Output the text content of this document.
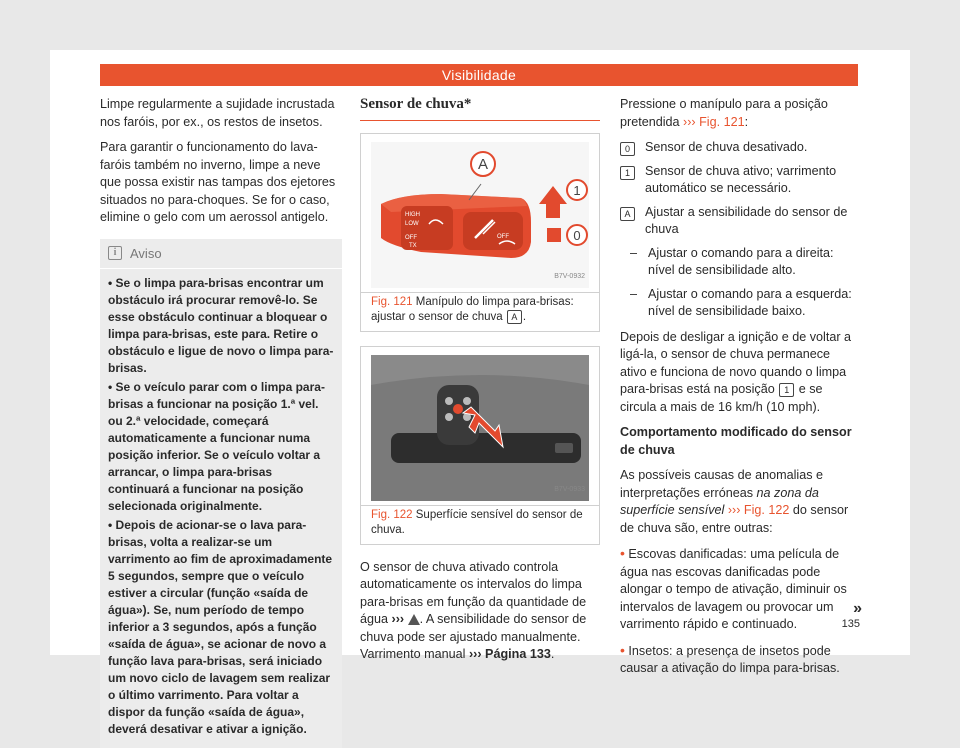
Visibilidade

Limpe regularmente a sujidade incrustada nos faróis, por ex., os restos de insetos.

Para garantir o funcionamento do lava-faróis também no inverno, limpe a neve que possa existir nas tampas dos ejetores situados no para-choques. Se for o caso, elimine o gelo com um aerossol antigelo.

i	Aviso

• Se o limpa para-brisas encontrar um obstáculo irá procurar removê-lo. Se esse obstáculo continuar a bloquear o limpa para-brisas, este para. Retire o obstáculo e ligue de novo o limpa para-brisas.

• Se o veículo parar com o limpa para-brisas a funcionar na posição 1.ª vel. ou 2.ª velocidade, começará automaticamente a funcionar numa posição inferior. Se o veículo voltar a arrancar, o limpa para-brisas continuará a funcionar na posição selecionada originalmente.

• Depois de acionar-se o lava para-brisas, volta a realizar-se um varrimento ao fim de aproximadamente 5 segundos, sempre que o veículo estiver a circular (função «saída de água»). Se, num período de tempo inferior a 3 segundos, após a função «saída de água», se acionar de novo a função lava para-brisas, será iniciado um novo ciclo de lavagem sem realizar o último varrimento. Para voltar a dispor da função «saída de água», deverá desativar e ativar a ignição.

Sensor de chuva*
HIGH
LOW
OFF
TX
OFF
A
1
0
B7V-0932
Fig. 121 Manípulo do limpa para-brisas: ajustar o sensor de chuva A .
B7V-0933
Fig. 122 Superfície sensível do sensor de chuva.

O sensor de chuva ativado controla automaticamente os intervalos do limpa para-brisas em função da quantidade de água ››› . A sensibilidade do sensor de chuva pode ser ajustado manualmente. Varrimento manual ››› Página 133.

Pressione o manípulo para a posição pretendida ››› Fig. 121:

0	Sensor de chuva desativado.
1	Sensor de chuva ativo; varrimento automático se necessário.
A	Ajustar a sensibilidade do sensor de chuva
– Ajustar o comando para a direita: nível de sensibilidade alto.
– Ajustar o comando para a esquerda: nível de sensibilidade baixo.

Depois de desligar a ignição e de voltar a ligá-la, o sensor de chuva permanece ativo e funciona de novo quando o limpa para-brisas está na posição 1 e se circula a mais de 16 km/h (10 mph).

Comportamento modificado do sensor de chuva

As possíveis causas de anomalias e interpretações erróneas na zona da superfície sensível ››› Fig. 122 do sensor de chuva são, entre outras:

• Escovas danificadas: uma película de água nas escovas danificadas pode alongar o tempo de ativação, diminuir os intervalos de lavagem ou provocar um varrimento rápido e continuado.

• Insetos: a presença de insetos pode causar a ativação do limpa para-brisas.

»
135
